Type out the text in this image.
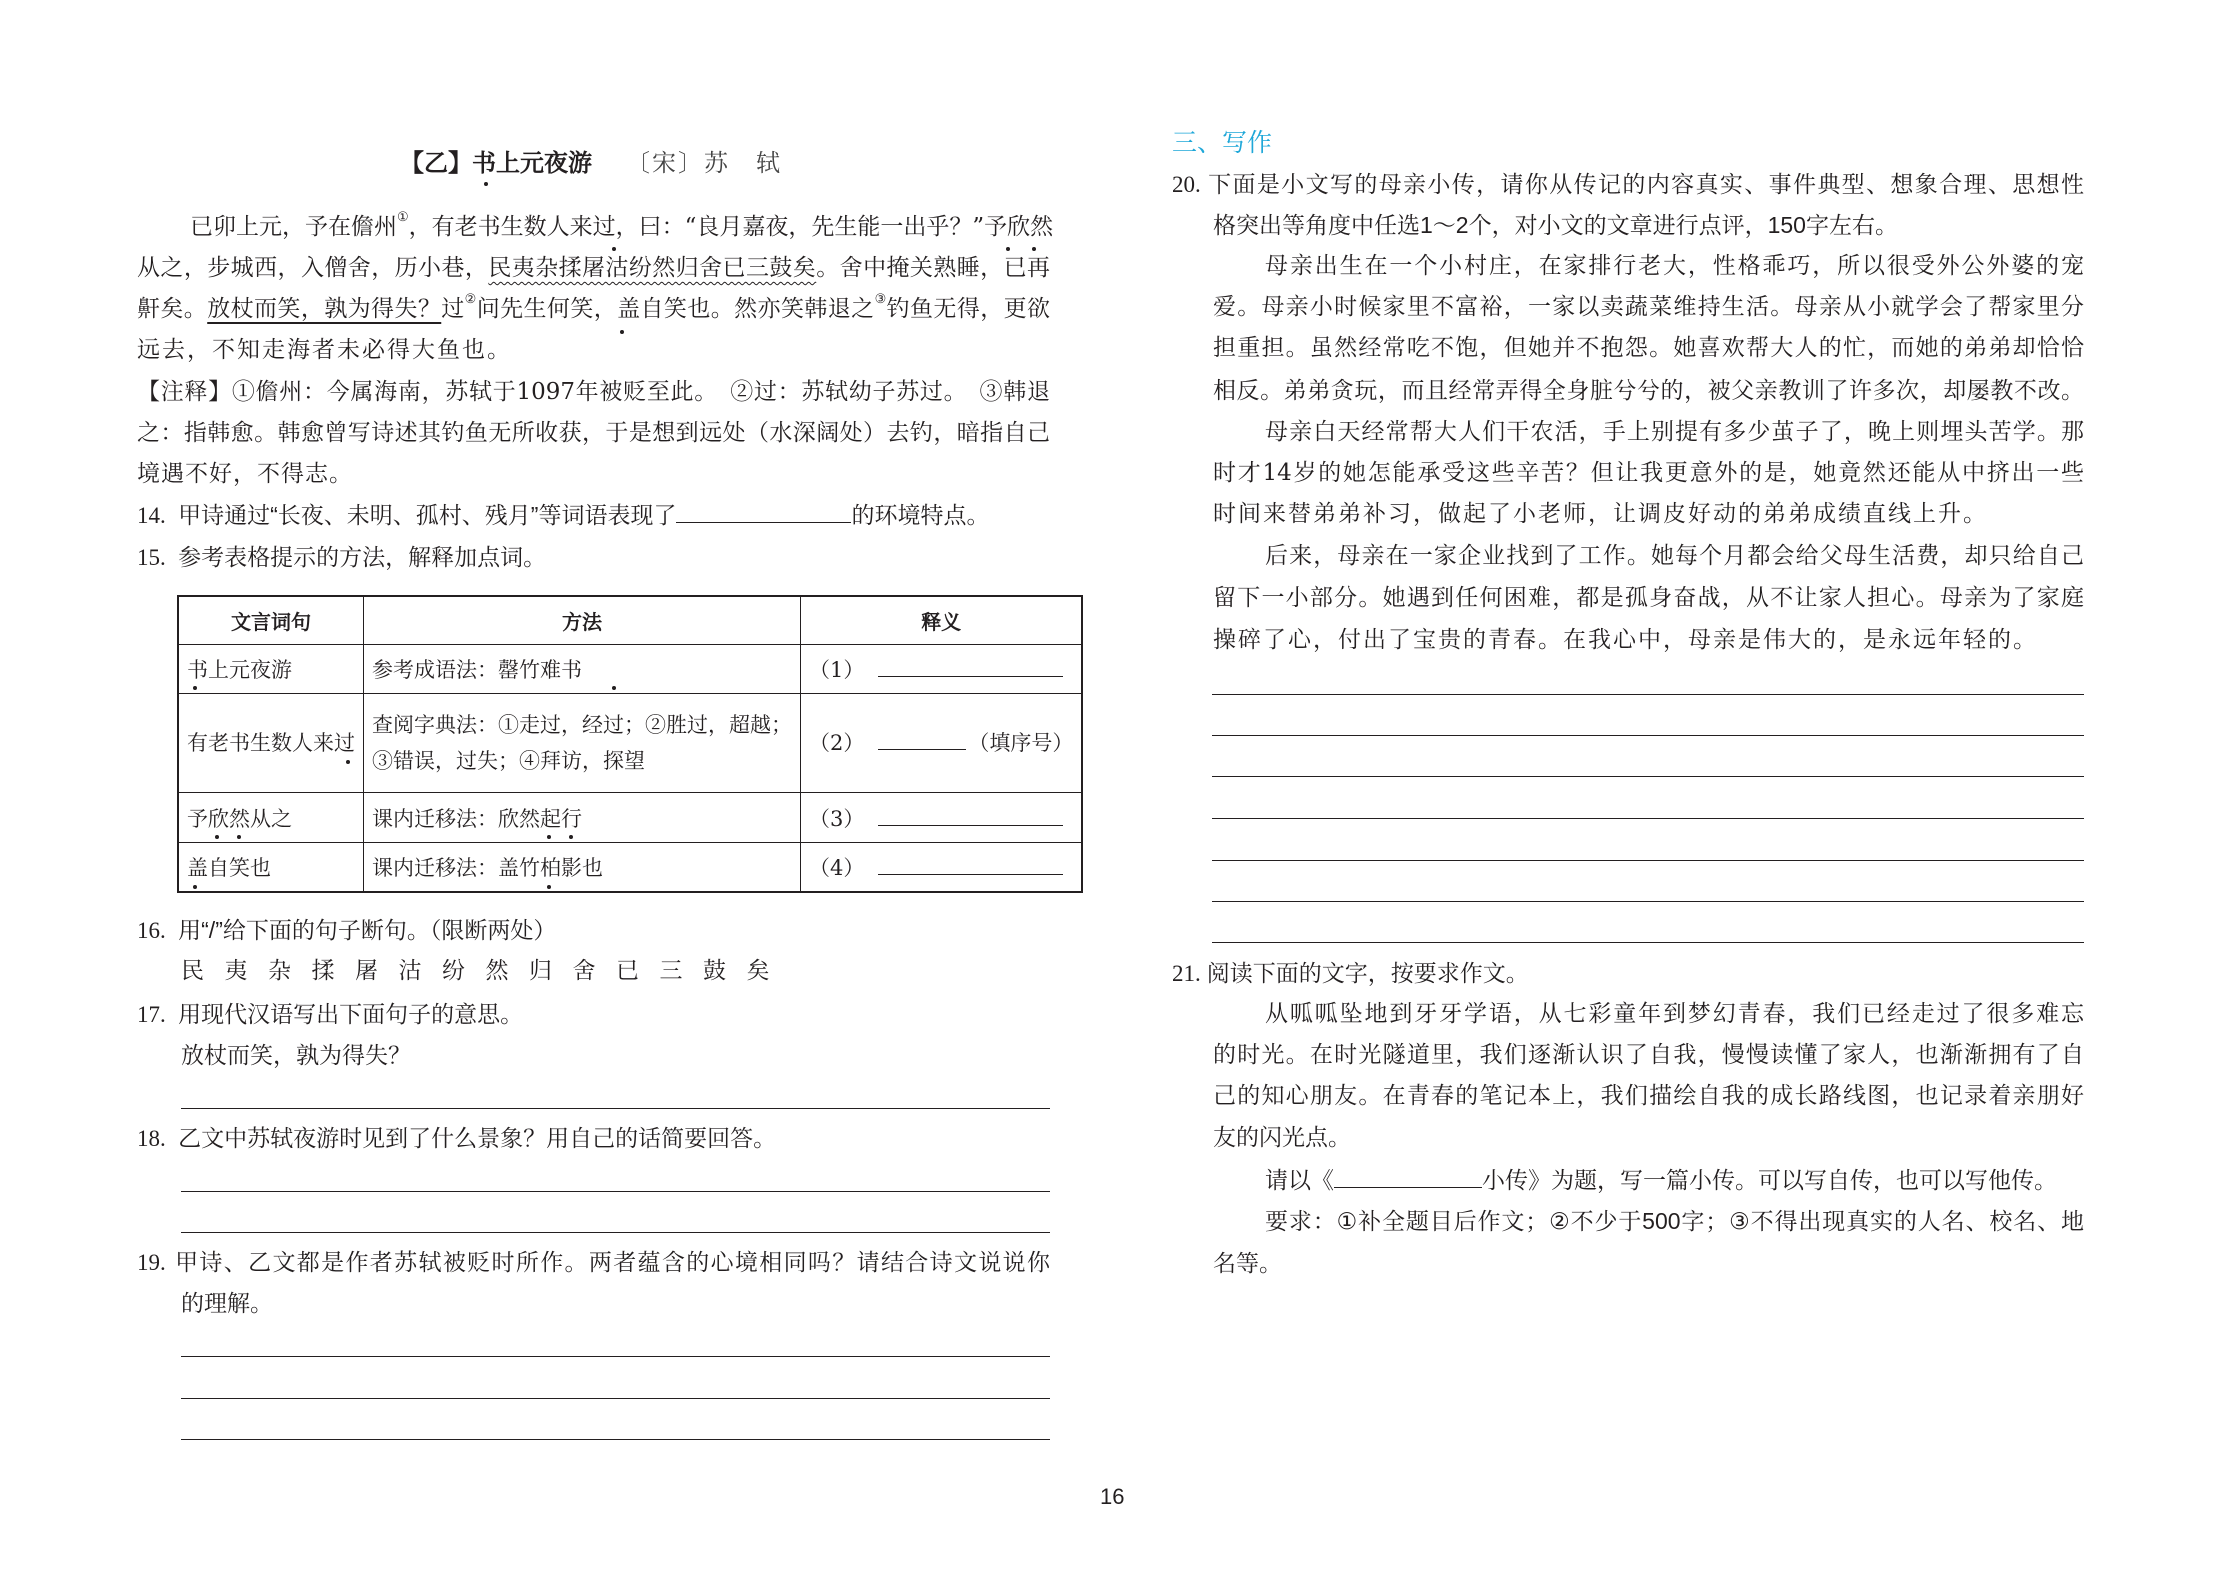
【乙】书上元夜游 〔宋〕苏　轼
已卯上元，予在儋州①，有老书生数人来过，曰：“良月嘉夜，先生能一出乎？”予欣然
从之，步城西，入僧舍，历小巷，民夷杂揉屠沽纷然归舍已三鼓矣。舍中掩关熟睡，已再
鼾矣。放杖而笑，孰为得失？过②问先生何笑，盖自笑也。然亦笑韩退之③钓鱼无得，更欲
远去，不知走海者未必得大鱼也。
【注释】①儋州：今属海南，苏轼于1097年被贬至此。　②过：苏轼幼子苏过。　③韩退
之：指韩愈。韩愈曾写诗述其钓鱼无所收获，于是想到远处（水深阔处）去钓，暗指自己
境遇不好，不得志。
14. 甲诗通过“长夜、未明、孤村、残月”等词语表现了	的环境特点。
15. 参考表格提示的方法，解释加点词。
文言词句	方法	释义
书上元夜游	参考成语法：罄竹难书	（1）
有老书生数人来过	查阅字典法：①走过，经过；②胜过，超越；
③错误，过失；④拜访，探望	（2） （填序号）
予欣然从之	课内迁移法：欣然起行	（3）
盖自笑也	课内迁移法：盖竹柏影也	（4）
16. 用“/”给下面的句子断句。（限断两处）
民夷杂揉屠沽纷然归舍已三鼓矣
17. 用现代汉语写出下面句子的意思。
放杖而笑，孰为得失？
18. 乙文中苏轼夜游时见到了什么景象？用自己的话简要回答。
19. 甲诗、乙文都是作者苏轼被贬时所作。两者蕴含的心境相同吗？请结合诗文说说你
的理解。
三、写作
20. 下面是小文写的母亲小传，请你从传记的内容真实、事件典型、想象合理、思想性
格突出等角度中任选1～2个，对小文的文章进行点评，150字左右。
母亲出生在一个小村庄，在家排行老大，性格乖巧，所以很受外公外婆的宠
爱。母亲小时候家里不富裕，一家以卖蔬菜维持生活。母亲从小就学会了帮家里分
担重担。虽然经常吃不饱，但她并不抱怨。她喜欢帮大人的忙，而她的弟弟却恰恰
相反。弟弟贪玩，而且经常弄得全身脏兮兮的，被父亲教训了许多次，却屡教不改。
母亲白天经常帮大人们干农活，手上别提有多少茧子了，晚上则埋头苦学。那
时才14岁的她怎能承受这些辛苦？但让我更意外的是，她竟然还能从中挤出一些
时间来替弟弟补习，做起了小老师，让调皮好动的弟弟成绩直线上升。
后来，母亲在一家企业找到了工作。她每个月都会给父母生活费，却只给自己
留下一小部分。她遇到任何困难，都是孤身奋战，从不让家人担心。母亲为了家庭
操碎了心，付出了宝贵的青春。在我心中，母亲是伟大的，是永远年轻的。
21. 阅读下面的文字，按要求作文。
从呱呱坠地到牙牙学语，从七彩童年到梦幻青春，我们已经走过了很多难忘
的时光。在时光隧道里，我们逐渐认识了自我，慢慢读懂了家人，也渐渐拥有了自
己的知心朋友。在青春的笔记本上，我们描绘自我的成长路线图，也记录着亲朋好
友的闪光点。
请以《	小传》为题，写一篇小传。可以写自传，也可以写他传。
要求：①补全题目后作文；②不少于500字；③不得出现真实的人名、校名、地
名等。
16
